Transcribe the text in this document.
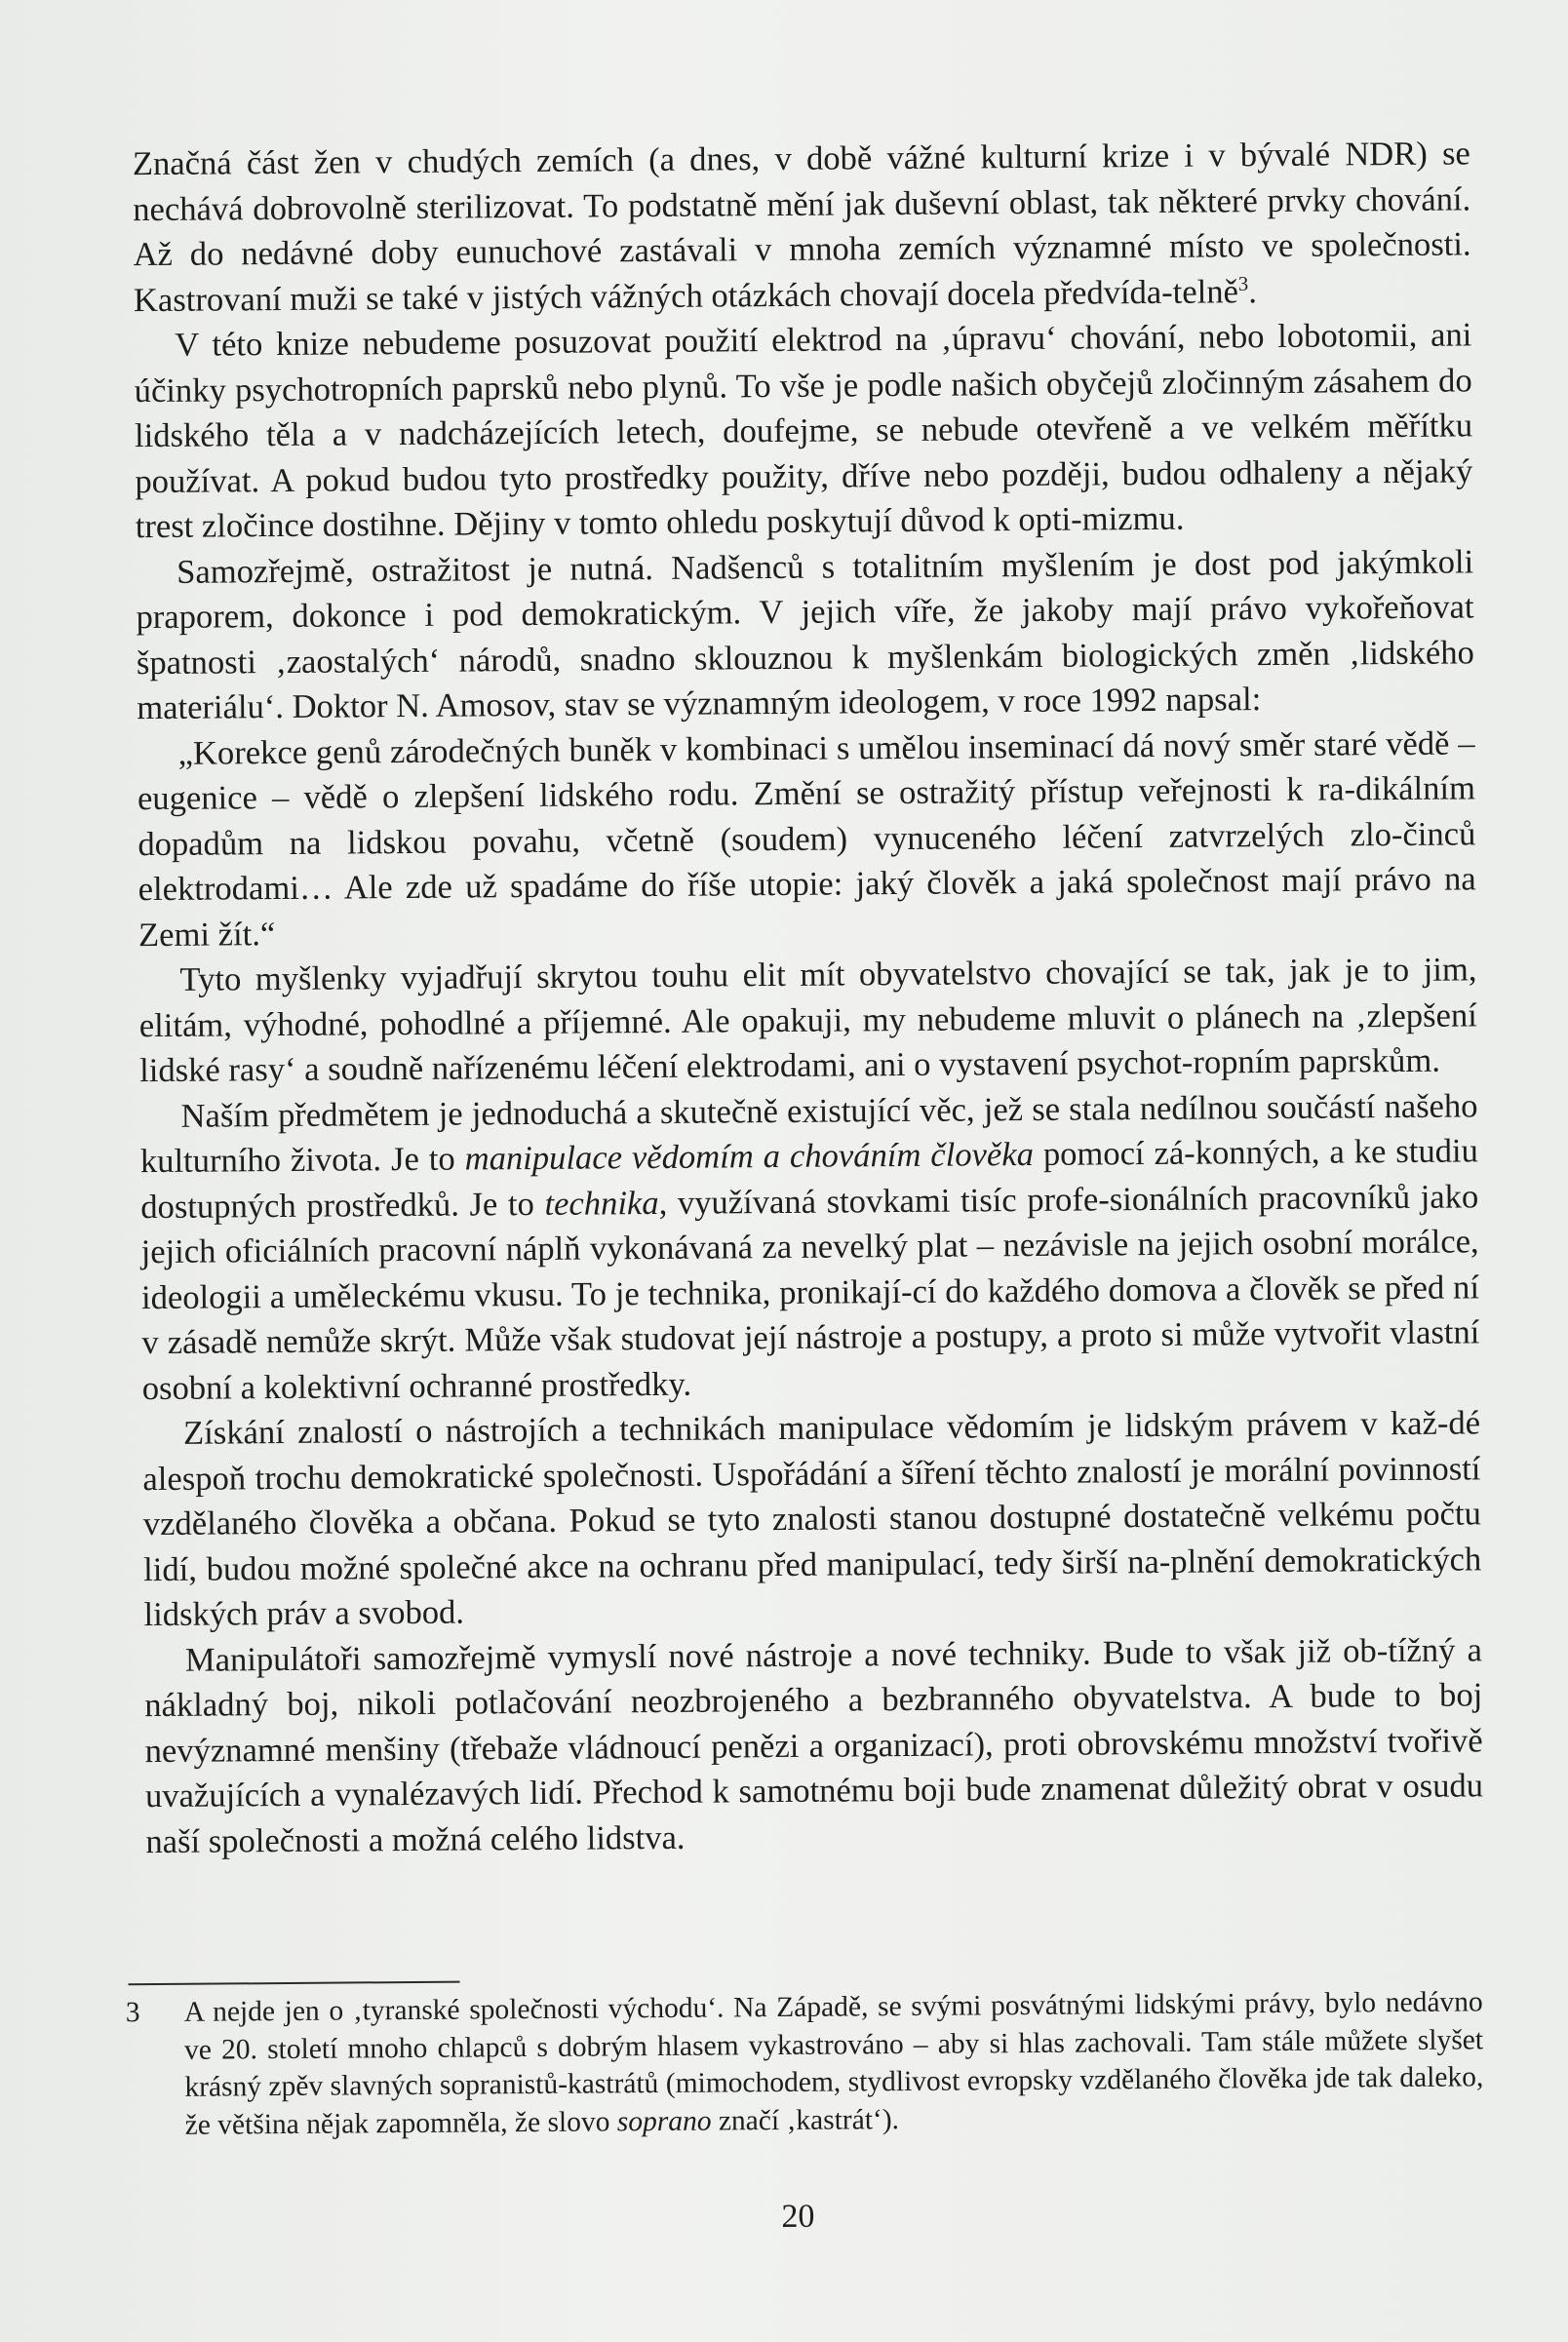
Značná část žen v chudých zemích (a dnes, v době vážné kulturní krize i v bývalé NDR) se nechává dobrovolně sterilizovat. To podstatně mění jak duševní oblast, tak některé prvky chování. Až do nedávné doby eunuchové zastávali v mnoha zemích významné místo ve společnosti. Kastrovaní muži se také v jistých vážných otázkách chovají docela předvída-telně$^3$.

V této knize nebudeme posuzovat použití elektrod na ‚úpravu‘ chování, nebo lobotomii, ani účinky psychotropních paprsků nebo plynů. To vše je podle našich obyčejů zločinným zásahem do lidského těla a v nadcházejících letech, doufejme, se nebude otevřeně a ve velkém měřítku používat. A pokud budou tyto prostředky použity, dříve nebo později, budou odhaleny a nějaký trest zločince dostihne. Dějiny v tomto ohledu poskytují důvod k opti-mizmu.

Samozřejmě, ostražitost je nutná. Nadšenců s totalitním myšlením je dost pod jakýmkoli praporem, dokonce i pod demokratickým. V jejich víře, že jakoby mají právo vykořeňovat špatnosti ‚zaostalých‘ národů, snadno sklouznou k myšlenkám biologických změn ‚lidského materiálu‘. Doktor N. Amosov, stav se významným ideologem, v roce 1992 napsal:

„Korekce genů zárodečných buněk v kombinaci s umělou inseminací dá nový směr staré vědě – eugenice – vědě o zlepšení lidského rodu. Změní se ostražitý přístup veřejnosti k ra-dikálním dopadům na lidskou povahu, včetně (soudem) vynuceného léčení zatvrzelých zlo-činců elektrodami… Ale zde už spadáme do říše utopie: jaký člověk a jaká společnost mají právo na Zemi žít.“

Tyto myšlenky vyjadřují skrytou touhu elit mít obyvatelstvo chovající se tak, jak je to jim, elitám, výhodné, pohodlné a příjemné. Ale opakuji, my nebudeme mluvit o plánech na ‚zlepšení lidské rasy‘ a soudně nařízenému léčení elektrodami, ani o vystavení psychot-ropním paprskům.

Naším předmětem je jednoduchá a skutečně existující věc, jež se stala nedílnou součástí našeho kulturního života. Je to manipulace vědomím a chováním člověka pomocí zá-konných, a ke studiu dostupných prostředků. Je to technika, využívaná stovkami tisíc profe-sionálních pracovníků jako jejich oficiálních pracovní náplň vykonávaná za nevelký plat – nezávisle na jejich osobní morálce, ideologii a uměleckému vkusu. To je technika, pronikají-cí do každého domova a člověk se před ní v zásadě nemůže skrýt. Může však studovat její nástroje a postupy, a proto si může vytvořit vlastní osobní a kolektivní ochranné prostředky.

Získání znalostí o nástrojích a technikách manipulace vědomím je lidským právem v kaž-dé alespoň trochu demokratické společnosti. Uspořádání a šíření těchto znalostí je morální povinností vzdělaného člověka a občana. Pokud se tyto znalosti stanou dostupné dostatečně velkému počtu lidí, budou možné společné akce na ochranu před manipulací, tedy širší na-plnění demokratických lidských práv a svobod.

Manipulátoři samozřejmě vymyslí nové nástroje a nové techniky. Bude to však již ob-tížný a nákladný boj, nikoli potlačování neozbrojeného a bezbranného obyvatelstva. A bude to boj nevýznamné menšiny (třebaže vládnoucí penězi a organizací), proti obrovskému množství tvořivě uvažujících a vynalézavých lidí. Přechod k samotnému boji bude znamenat důležitý obrat v osudu naší společnosti a možná celého lidstva.

3	A nejde jen o ‚tyranské společnosti východu‘. Na Západě, se svými posvátnými lidskými právy, bylo nedávno ve 20. století mnoho chlapců s dobrým hlasem vykastrováno – aby si hlas zachovali. Tam stále můžete slyšet krásný zpěv slavných sopranistů-kastrátů (mimochodem, stydlivost evropsky vzdělaného člověka jde tak daleko, že většina nějak zapomněla, že slovo soprano značí ‚kastrát‘).
20
